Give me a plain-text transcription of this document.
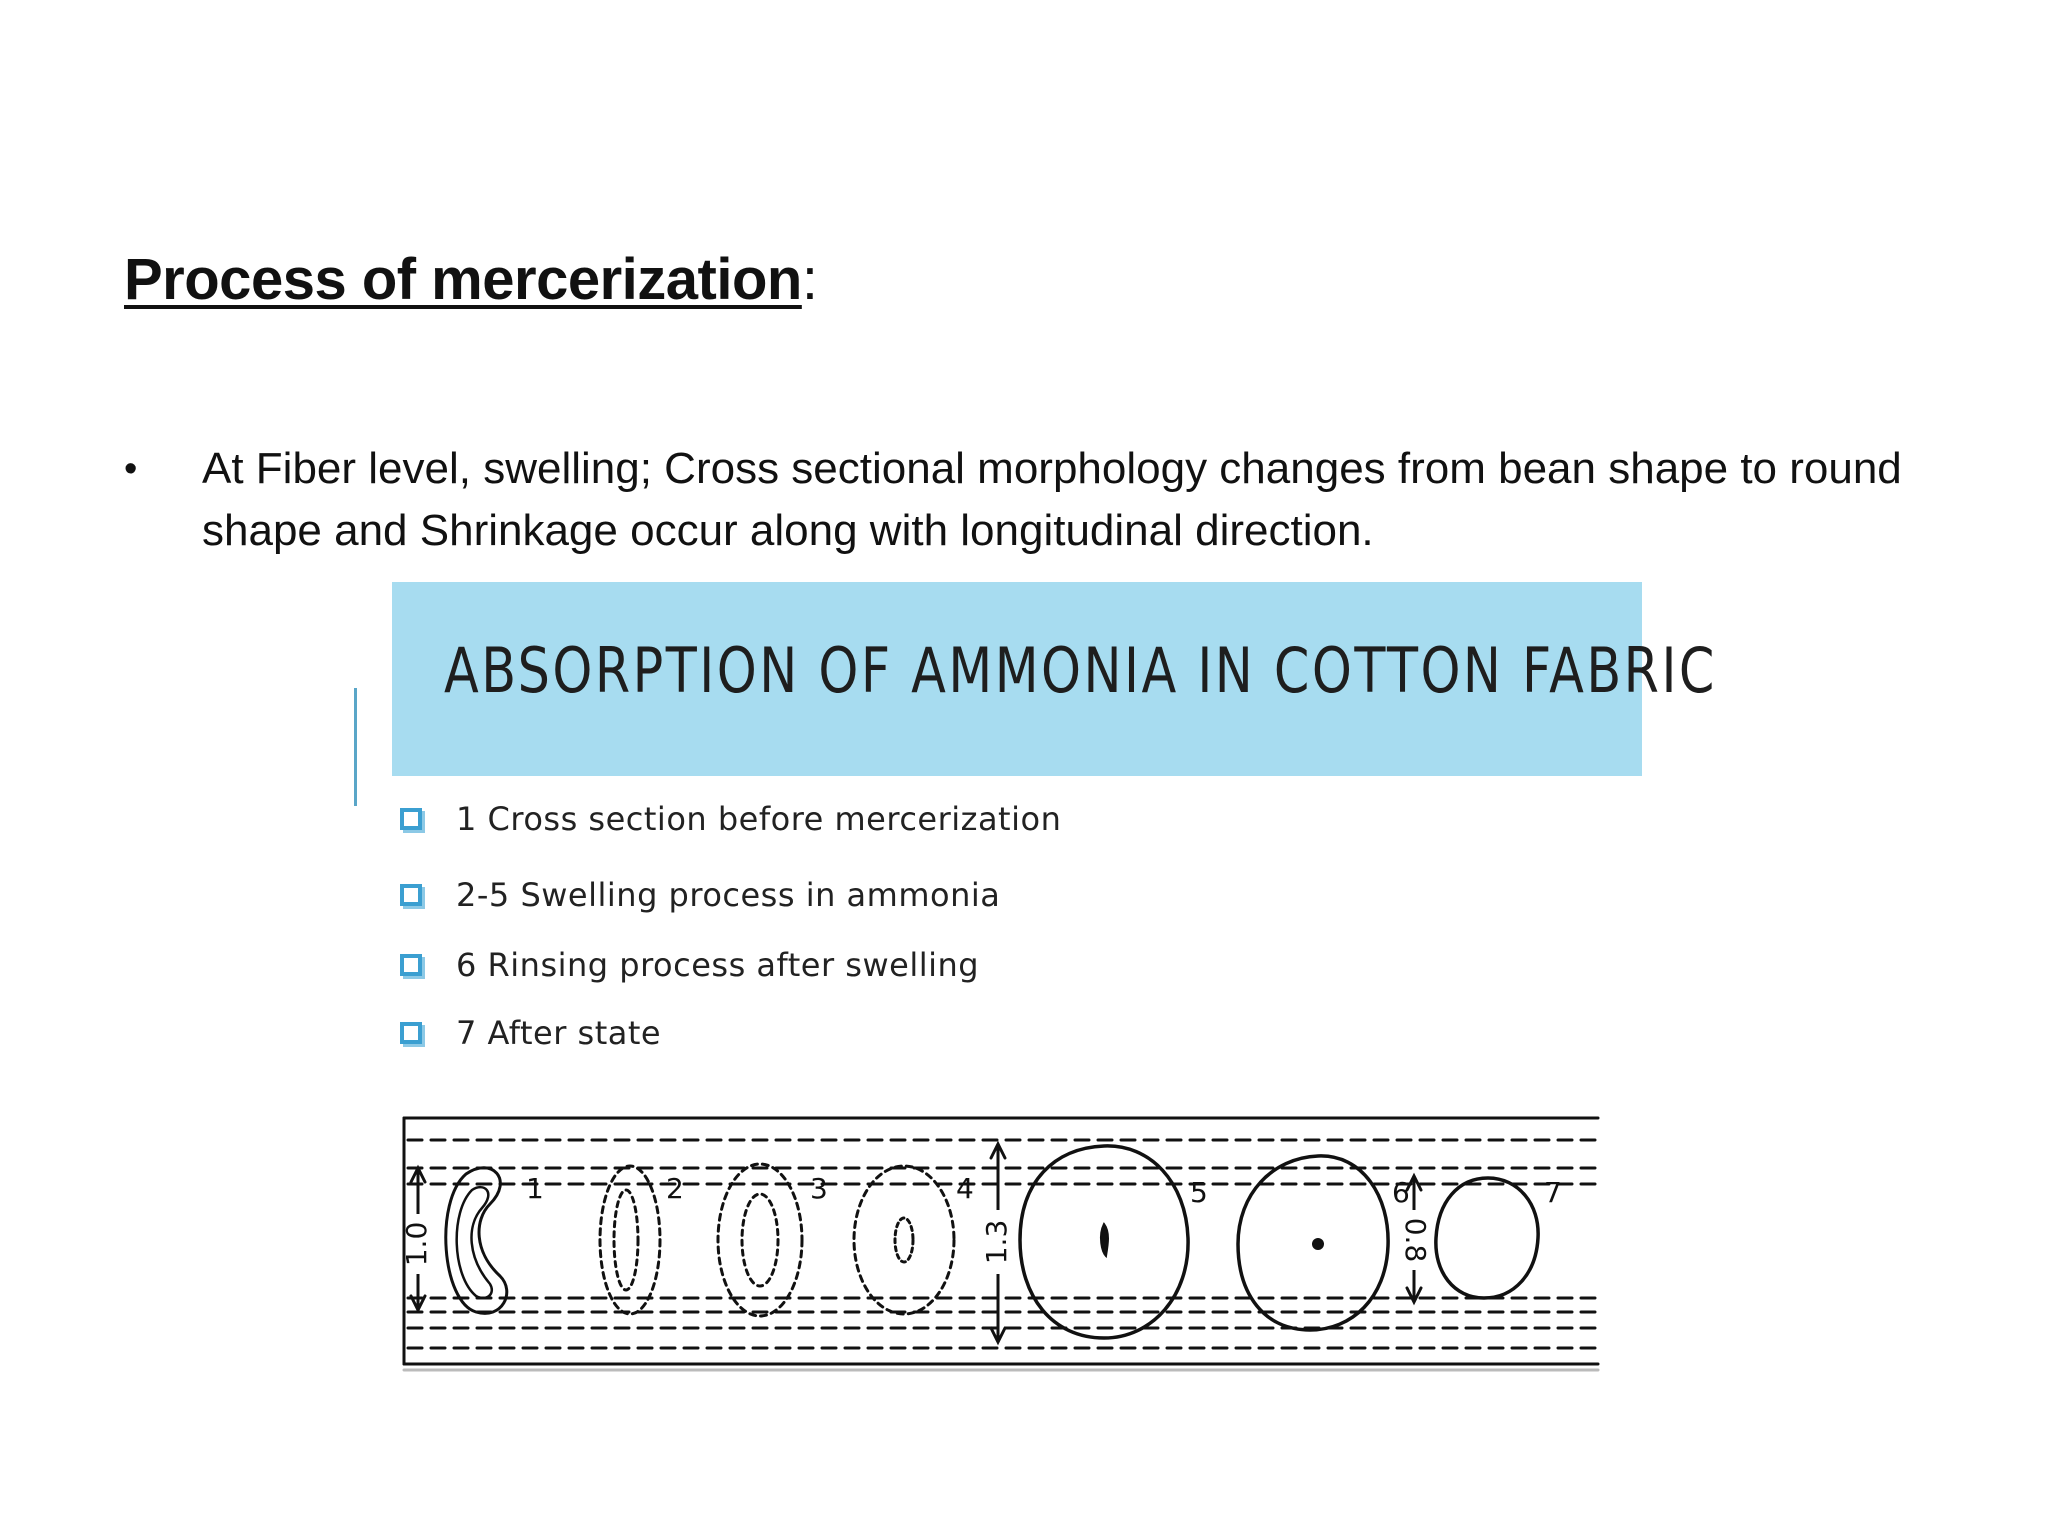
Process of mercerization:
• At Fiber level, swelling; Cross sectional morphology changes from bean shape to round shape and Shrinkage occur along with longitudinal direction.
ABSORPTION OF AMMONIA IN COTTON FABRIC
1 Cross section before mercerization
2-5 Swelling process in ammonia
6 Rinsing process after swelling
7 After state
1.0
1	2	3	4
1.3
5	6
0.8
7
